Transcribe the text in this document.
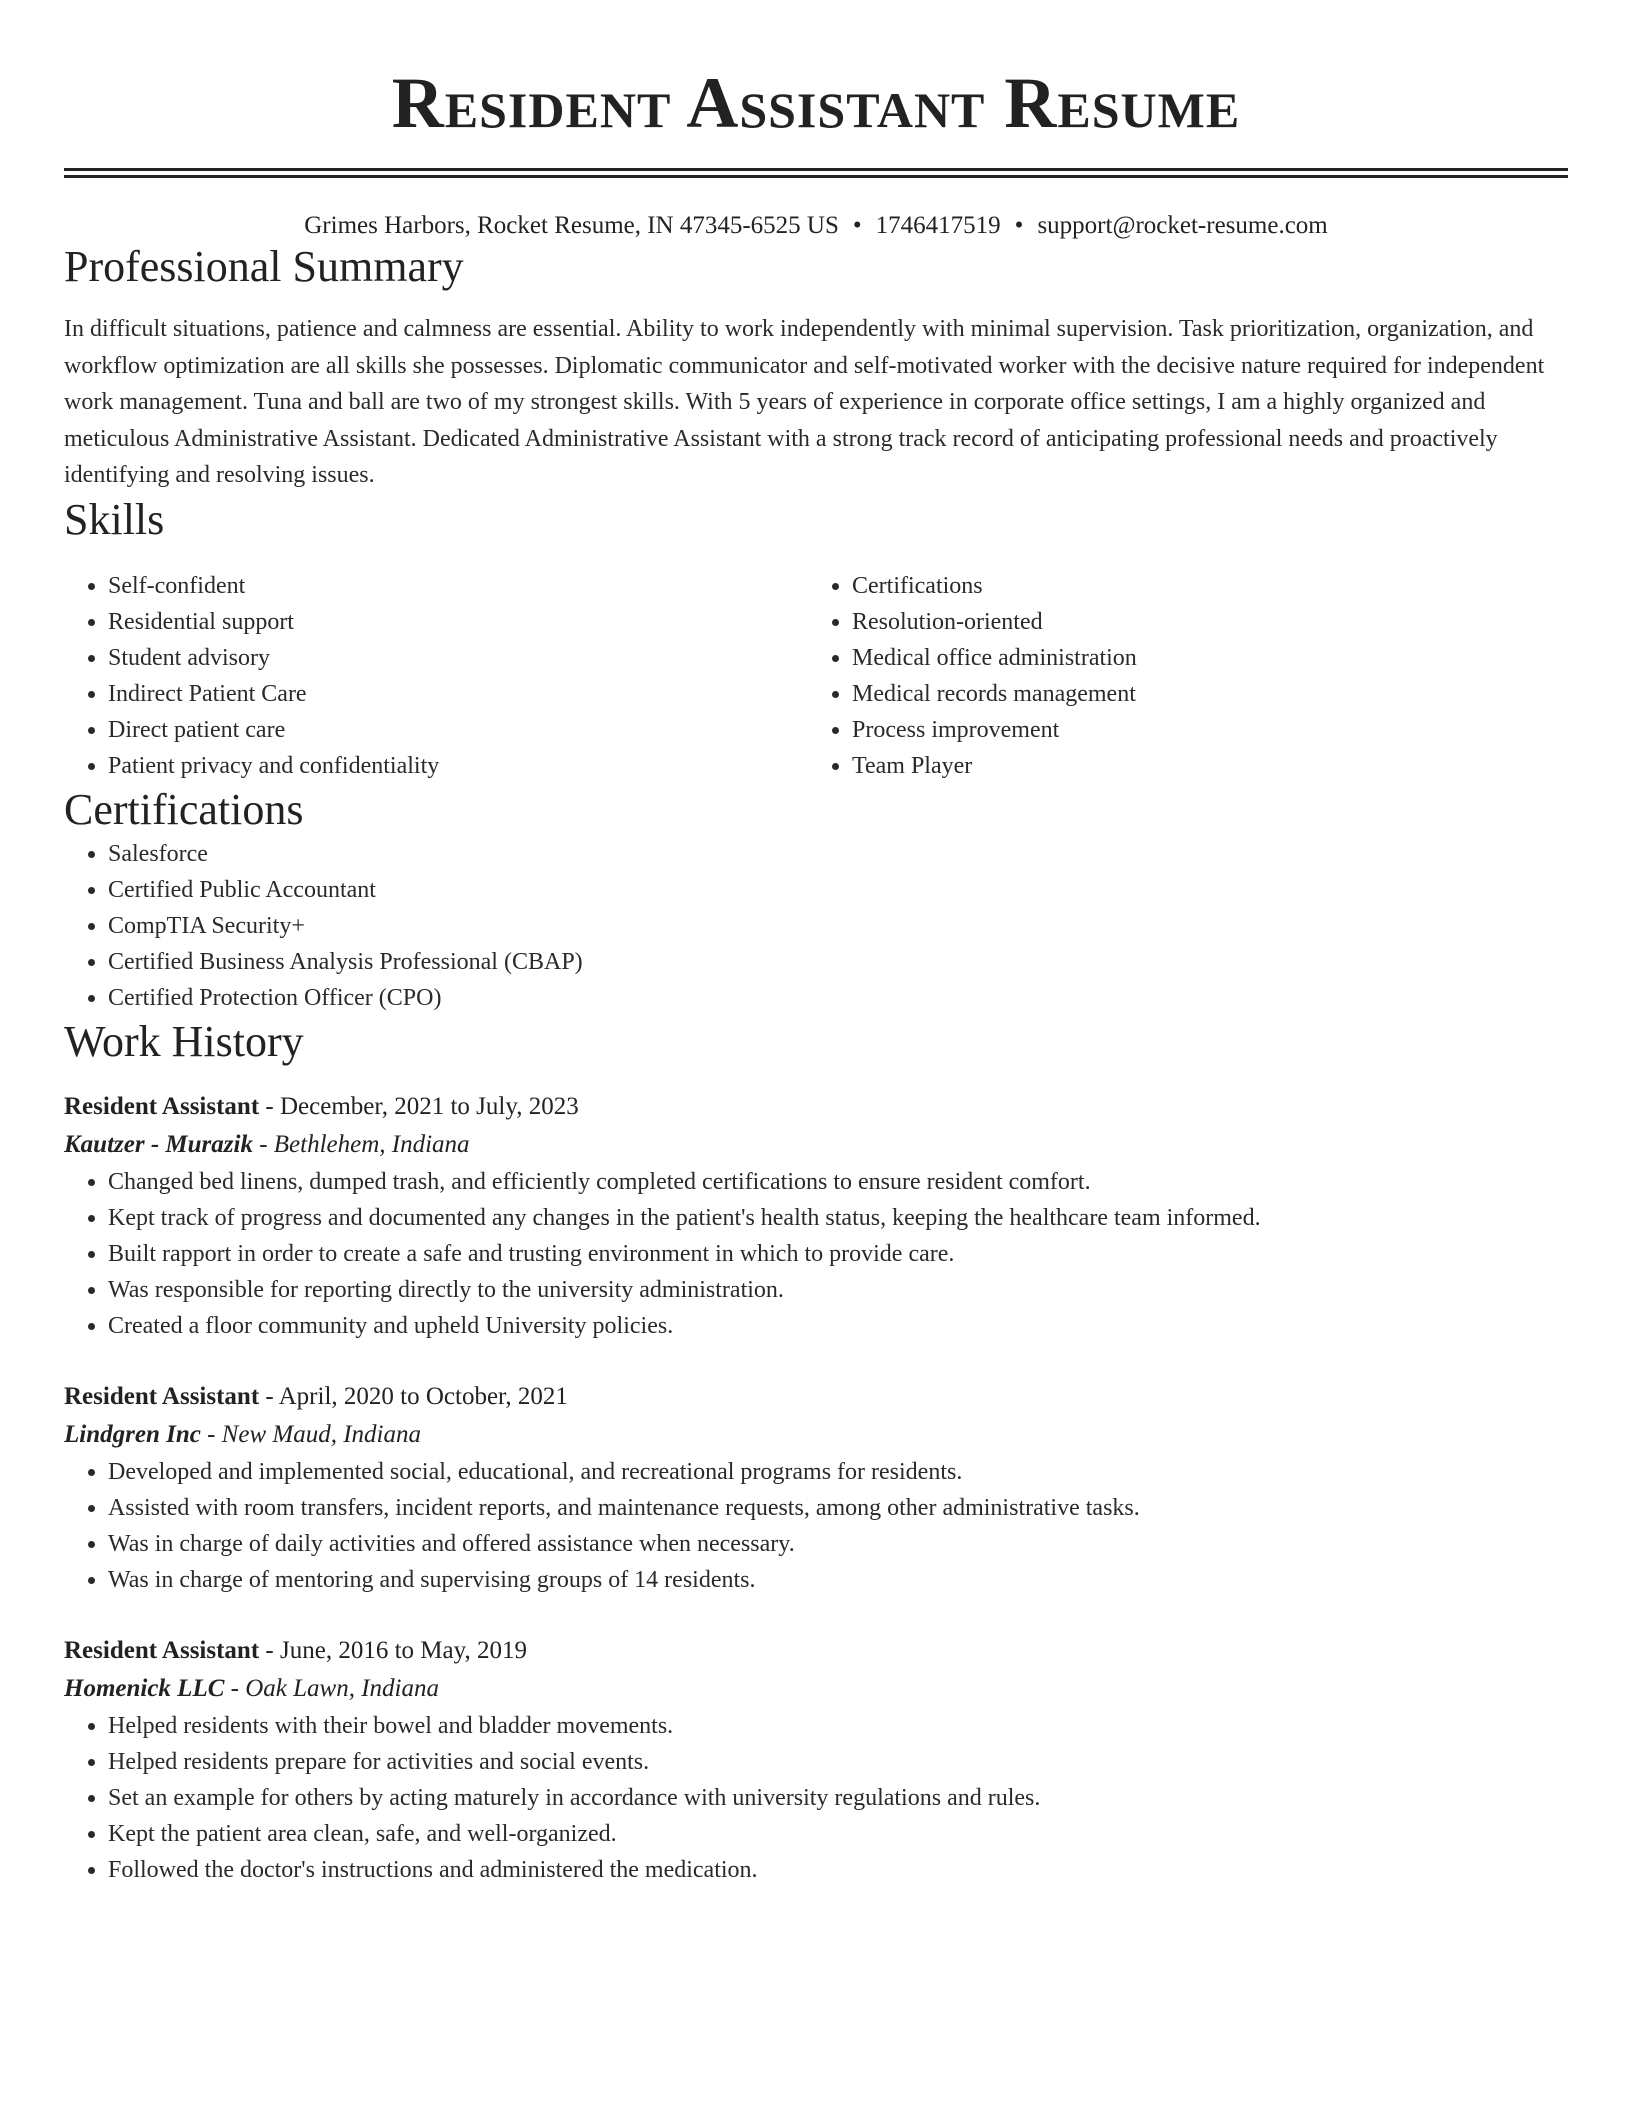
Resident Assistant Resume
Grimes Harbors, Rocket Resume, IN 47345-6525 US • 1746417519 • support@rocket-resume.com
Professional Summary

In difficult situations, patience and calmness are essential. Ability to work independently with minimal supervision. Task prioritization, organization, and workflow optimization are all skills she possesses. Diplomatic communicator and self-motivated worker with the decisive nature required for independent work management. Tuna and ball are two of my strongest skills. With 5 years of experience in corporate office settings, I am a highly organized and meticulous Administrative Assistant. Dedicated Administrative Assistant with a strong track record of anticipating professional needs and proactively identifying and resolving issues.

Skills
• Self-confident
• Residential support
• Student advisory
• Indirect Patient Care
• Direct patient care
• Patient privacy and confidentiality
• Certifications
• Resolution-oriented
• Medical office administration
• Medical records management
• Process improvement
• Team Player
Certifications
• Salesforce
• Certified Public Accountant
• CompTIA Security+
• Certified Business Analysis Professional (CBAP)
• Certified Protection Officer (CPO)
Work History
Resident Assistant - December, 2021 to July, 2023
Kautzer - Murazik - Bethlehem, Indiana
• Changed bed linens, dumped trash, and efficiently completed certifications to ensure resident comfort.
• Kept track of progress and documented any changes in the patient's health status, keeping the healthcare team informed.
• Built rapport in order to create a safe and trusting environment in which to provide care.
• Was responsible for reporting directly to the university administration.
• Created a floor community and upheld University policies.
Resident Assistant - April, 2020 to October, 2021
Lindgren Inc - New Maud, Indiana
• Developed and implemented social, educational, and recreational programs for residents.
• Assisted with room transfers, incident reports, and maintenance requests, among other administrative tasks.
• Was in charge of daily activities and offered assistance when necessary.
• Was in charge of mentoring and supervising groups of 14 residents.
Resident Assistant - June, 2016 to May, 2019
Homenick LLC - Oak Lawn, Indiana
• Helped residents with their bowel and bladder movements.
• Helped residents prepare for activities and social events.
• Set an example for others by acting maturely in accordance with university regulations and rules.
• Kept the patient area clean, safe, and well-organized.
• Followed the doctor's instructions and administered the medication.
